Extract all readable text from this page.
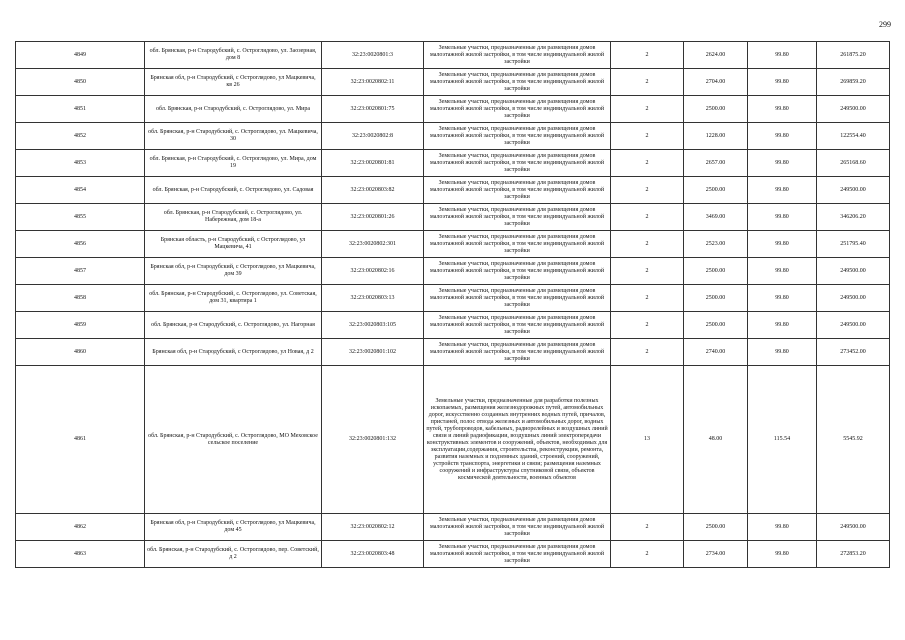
299
4849	обл. Брянская, р-н Стародубский, с. Остроглядово, ул. Заозерная, дом 8	32:23:0020801:3	Земельные участки, предназначенные для размещения домов малоэтажной жилой застройки, в том числе индивидуальной жилой застройки	2	2624.00	99.80	261875.20
4850	Брянская обл, р-н Стародубский, с Остроглядово, ул Мацкевича, кв 26	32:23:0020802:11	Земельные участки, предназначенные для размещения домов малоэтажной жилой застройки, в том числе индивидуальной жилой застройки	2	2704.00	99.80	269859.20
4851	обл. Брянская, р-н Стародубский, с. Остроглядово, ул. Мира	32:23:0020801:75	Земельные участки, предназначенные для размещения домов малоэтажной жилой застройки, в том числе индивидуальной жилой застройки	2	2500.00	99.80	249500.00
4852	обл. Брянская, р-н Стародубский, с. Остроглядово, ул. Мацкевича, 30	32:23:0020802:8	Земельные участки, предназначенные для размещения домов малоэтажной жилой застройки, в том числе индивидуальной жилой застройки	2	1228.00	99.80	122554.40
4853	обл. Брянская, р-н Стародубский, с. Остроглядово, ул. Мира, дом 19	32:23:0020801:81	Земельные участки, предназначенные для размещения домов малоэтажной жилой застройки, в том числе индивидуальной жилой застройки	2	2657.00	99.80	265168.60
4854	обл. Брянская, р-н Стародубский, с. Остроглядово, ул. Садовая	32:23:0020803:82	Земельные участки, предназначенные для размещения домов малоэтажной жилой застройки, в том числе индивидуальной жилой застройки	2	2500.00	99.80	249500.00
4855	обл. Брянская, р-н Стародубский, с. Остроглядово, ул. Набережная, дом 18-а	32:23:0020801:26	Земельные участки, предназначенные для размещения домов малоэтажной жилой застройки, в том числе индивидуальной жилой застройки	2	3469.00	99.80	346206.20
4856	Брянская область, р-н Стародубский, с Остроглядово, ул Мацкевича, 41	32:23:0020802:301	Земельные участки, предназначенные для размещения домов малоэтажной жилой застройки, в том числе индивидуальной жилой застройки	2	2523.00	99.80	251795.40
4857	Брянская обл, р-н Стародубский, с Остроглядово, ул Мацкевича, дом 39	32:23:0020802:16	Земельные участки, предназначенные для размещения домов малоэтажной жилой застройки, в том числе индивидуальной жилой застройки	2	2500.00	99.80	249500.00
4858	обл. Брянская, р-н Стародубский, с. Остроглядово, ул. Советская, дом 31, квартира 1	32:23:0020803:13	Земельные участки, предназначенные для размещения домов малоэтажной жилой застройки, в том числе индивидуальной жилой застройки	2	2500.00	99.80	249500.00
4859	обл. Брянская, р-н Стародубский, с. Остроглядово, ул. Нагорная	32:23:0020803:105	Земельные участки, предназначенные для размещения домов малоэтажной жилой застройки, в том числе индивидуальной жилой застройки	2	2500.00	99.80	249500.00
4860	Брянская обл, р-н Стародубский, с Остроглядово, ул Новая, д 2	32:23:0020801:102	Земельные участки, предназначенные для размещения домов малоэтажной жилой застройки, в том числе индивидуальной жилой застройки	2	2740.00	99.80	273452.00
4861	обл. Брянская, р-н Стародубский, с. Остроглядово, МО Меховское сельское поселение	32:23:0020801:132	Земельные участки, предназначенные для разработки полезных ископаемых, размещения железнодорожных путей, автомобильных дорог, искусственно созданных внутренних водных путей, причалов, пристаней, полос отвода железных и автомобильных дорог, водных путей, трубопроводов, кабельных, радиорелейных и воздушных линий связи и линий радиофикации, воздушных линий электропередачи конструктивных элементов и сооружений, объектов, необходимых для эксплуатации,содержания, строительства, реконструкции, ремонта, развития наземных и подземных зданий, строений, сооружений, устройств транспорта, энергетики и связи; размещения наземных сооружений и инфраструктуры спутниковой связи, объектов космической деятельности, военных объектов	13	48.00	115.54	5545.92
4862	Брянская обл, р-н Стародубский, с Остроглядово, ул Мацкевича, дом 45	32:23:0020802:12	Земельные участки, предназначенные для размещения домов малоэтажной жилой застройки, в том числе индивидуальной жилой застройки	2	2500.00	99.80	249500.00
4863	обл. Брянская, р-н Стародубский, с. Остроглядово, пер. Советский, д 2	32:23:0020803:48	Земельные участки, предназначенные для размещения домов малоэтажной жилой застройки, в том числе индивидуальной жилой застройки	2	2734.00	99.80	272853.20
